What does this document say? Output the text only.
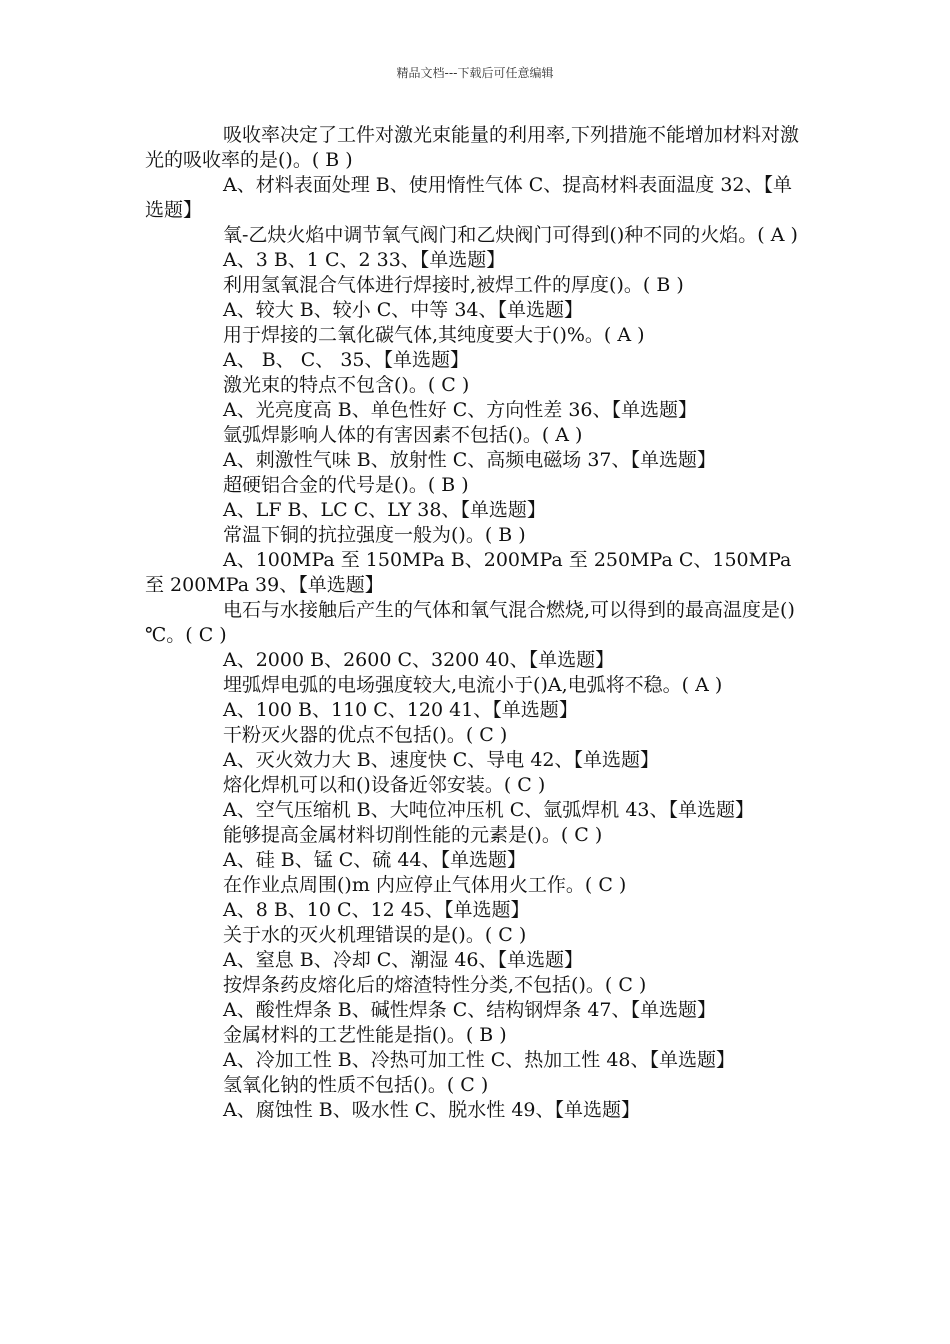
精品文档---下载后可任意编辑

吸收率决定了工件对激光束能量的利用率,下列措施不能增加材料对激光的吸收率的是()。( B )

A、材料表面处理 B、使用惰性气体 C、提高材料表面温度 32、【单选题】

氧-乙炔火焰中调节氧气阀门和乙炔阀门可得到()种不同的火焰。( A )

A、3 B、1 C、2 33、【单选题】

利用氢氧混合气体进行焊接时,被焊工件的厚度()。( B )

A、较大 B、较小 C、中等 34、【单选题】

用于焊接的二氧化碳气体,其纯度要大于()%。( A )

A、 B、 C、 35、【单选题】

激光束的特点不包含()。( C )

A、光亮度高 B、单色性好 C、方向性差 36、【单选题】

氩弧焊影响人体的有害因素不包括()。( A )

A、刺激性气味 B、放射性 C、高频电磁场 37、【单选题】

超硬铝合金的代号是()。( B )

A、LF B、LC C、LY 38、【单选题】

常温下铜的抗拉强度一般为()。( B )

A、100MPa 至 150MPa B、200MPa 至 250MPa C、150MPa 至 200MPa 39、【单选题】

电石与水接触后产生的气体和氧气混合燃烧,可以得到的最高温度是()℃。( C )

A、2000 B、2600 C、3200 40、【单选题】

埋弧焊电弧的电场强度较大,电流小于()A,电弧将不稳。( A )

A、100 B、110 C、120 41、【单选题】

干粉灭火器的优点不包括()。( C )

A、灭火效力大 B、速度快 C、导电 42、【单选题】

熔化焊机可以和()设备近邻安装。( C )

A、空气压缩机 B、大吨位冲压机 C、氩弧焊机 43、【单选题】

能够提高金属材料切削性能的元素是()。( C )

A、硅 B、锰 C、硫 44、【单选题】

在作业点周围()m 内应停止气体用火工作。( C )

A、8 B、10 C、12 45、【单选题】

关于水的灭火机理错误的是()。( C )

A、窒息 B、冷却 C、潮湿 46、【单选题】

按焊条药皮熔化后的熔渣特性分类,不包括()。( C )

A、酸性焊条 B、碱性焊条 C、结构钢焊条 47、【单选题】

金属材料的工艺性能是指()。( B )

A、冷加工性 B、冷热可加工性 C、热加工性 48、【单选题】

氢氧化钠的性质不包括()。( C )

A、腐蚀性 B、吸水性 C、脱水性 49、【单选题】
